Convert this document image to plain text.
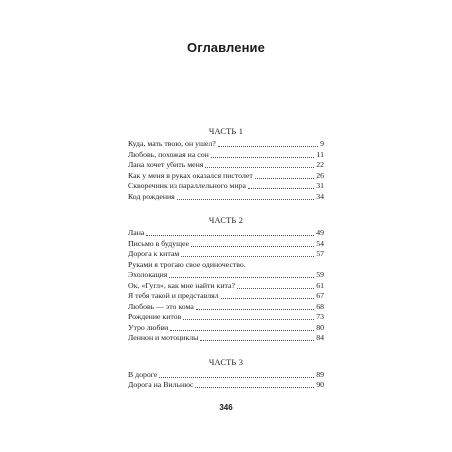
Оглавление
ЧАСТЬ 1
Куда, мать твою, он ушел?	9
Любовь, похожая на сон	11
Лана хочет убить меня	22
Как у меня в руках оказался пистолет	26
Скворечник из параллельного мира	31
Код рождения	34
ЧАСТЬ 2
Лана	49
Письмо в будущее	54
Дорога к китам	57
Руками я трогаю свое одиночество.
Эхолокация	59
Ок, «Гугл», как мне найти кита?	61
Я тебя такой и представлял	67
Любовь — это кома	68
Рождение китов	73
Утро любви	80
Леннон и мотоциклы	84
ЧАСТЬ 3
В дороге	89
Дорога на Вильнюс	90
346
